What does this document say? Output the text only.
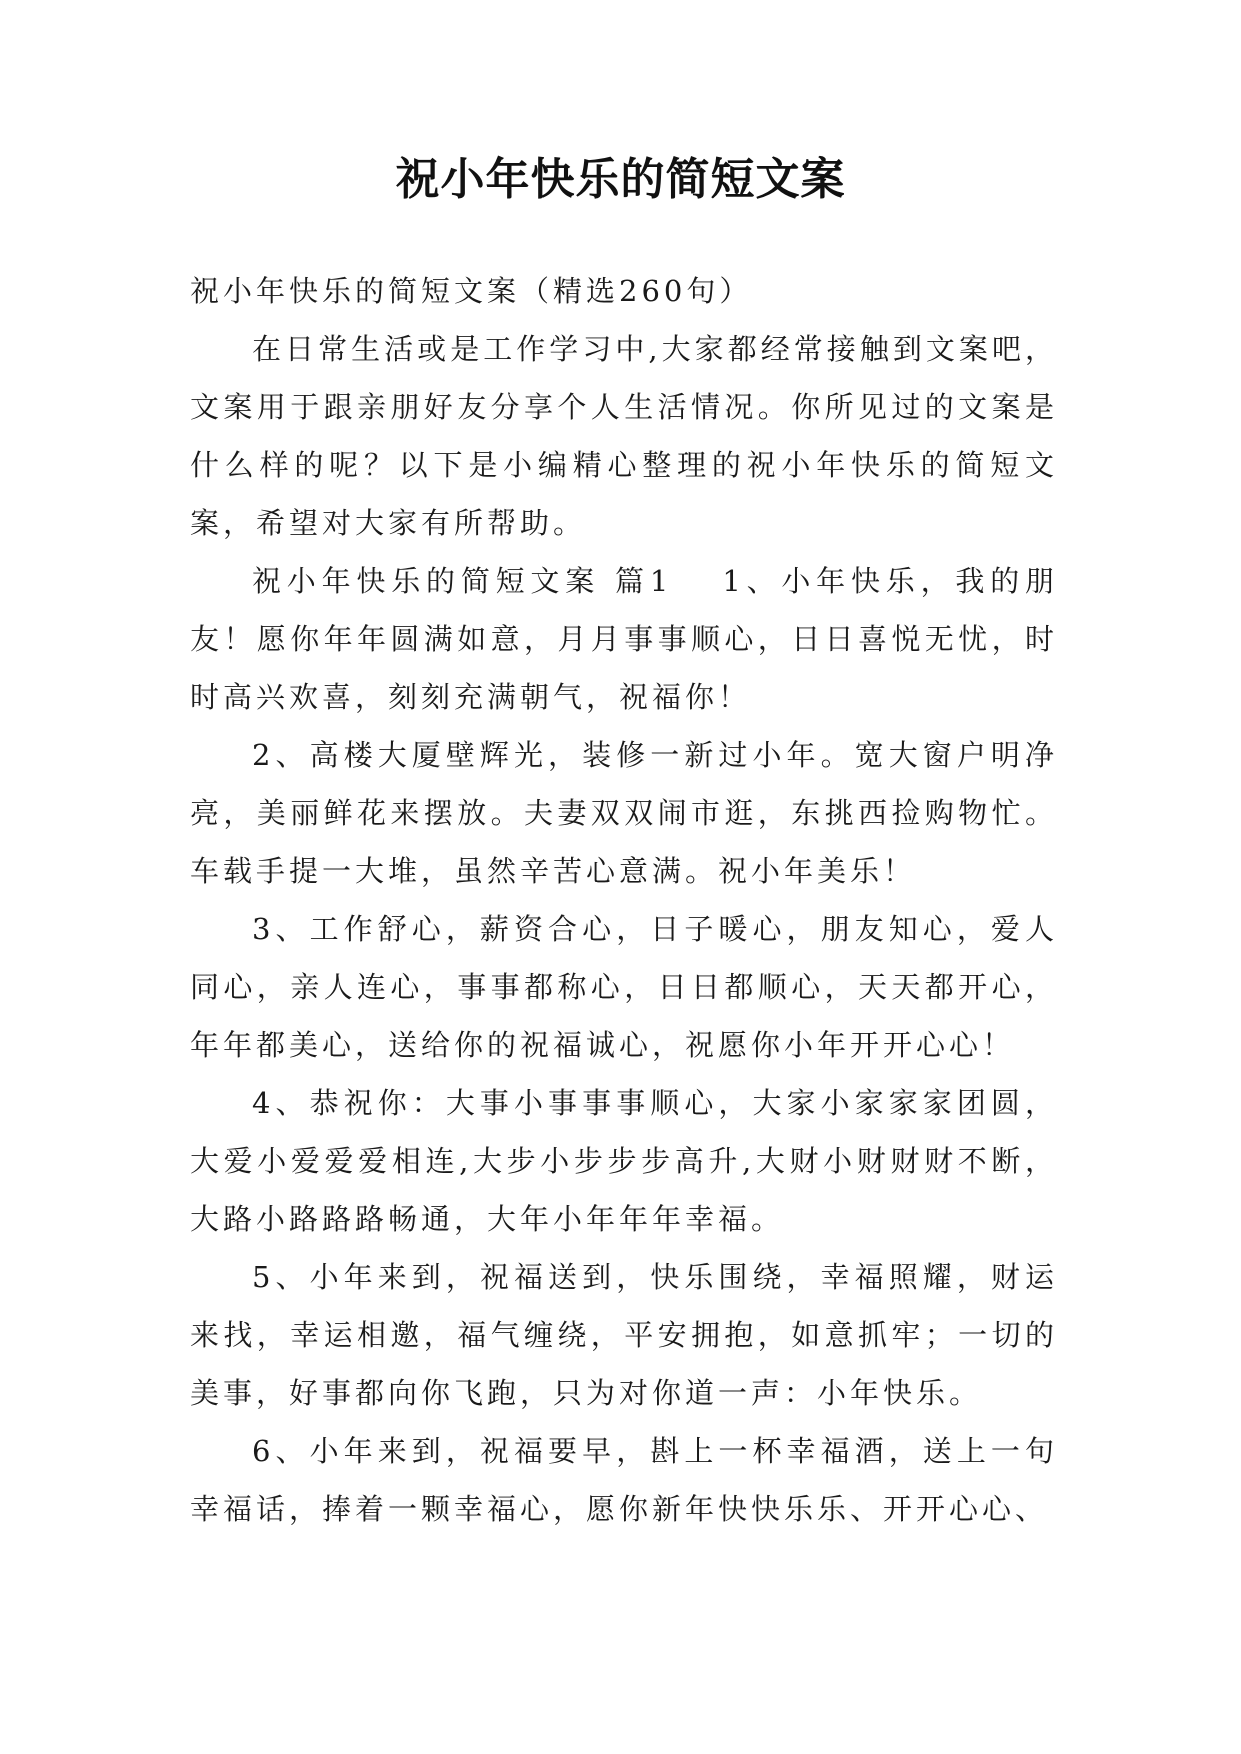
祝小年快乐的简短文案

祝小年快乐的简短文案（精选260句）

在日常生活或是工作学习中,大家都经常接触到文案吧，文案用于跟亲朋好友分享个人生活情况。你所见过的文案是什么样的呢？以下是小编精心整理的祝小年快乐的简短文案，希望对大家有所帮助。

祝小年快乐的简短文案 篇1 1、小年快乐，我的朋友！愿你年年圆满如意，月月事事顺心，日日喜悦无忧，时时高兴欢喜，刻刻充满朝气，祝福你！

2、高楼大厦壁辉光，装修一新过小年。宽大窗户明净亮，美丽鲜花来摆放。夫妻双双闹市逛，东挑西捡购物忙。车载手提一大堆，虽然辛苦心意满。祝小年美乐！

3、工作舒心，薪资合心，日子暖心，朋友知心，爱人同心，亲人连心，事事都称心，日日都顺心，天天都开心，年年都美心，送给你的祝福诚心，祝愿你小年开开心心！

4、恭祝你：大事小事事事顺心，大家小家家家团圆，大爱小爱爱爱相连,大步小步步步高升,大财小财财财不断，大路小路路路畅通，大年小年年年幸福。

5、小年来到，祝福送到，快乐围绕，幸福照耀，财运来找，幸运相邀，福气缠绕，平安拥抱，如意抓牢；一切的美事，好事都向你飞跑，只为对你道一声：小年快乐。

6、小年来到，祝福要早，斟上一杯幸福酒，送上一句幸福话，捧着一颗幸福心，愿你新年快快乐乐、开开心心、
